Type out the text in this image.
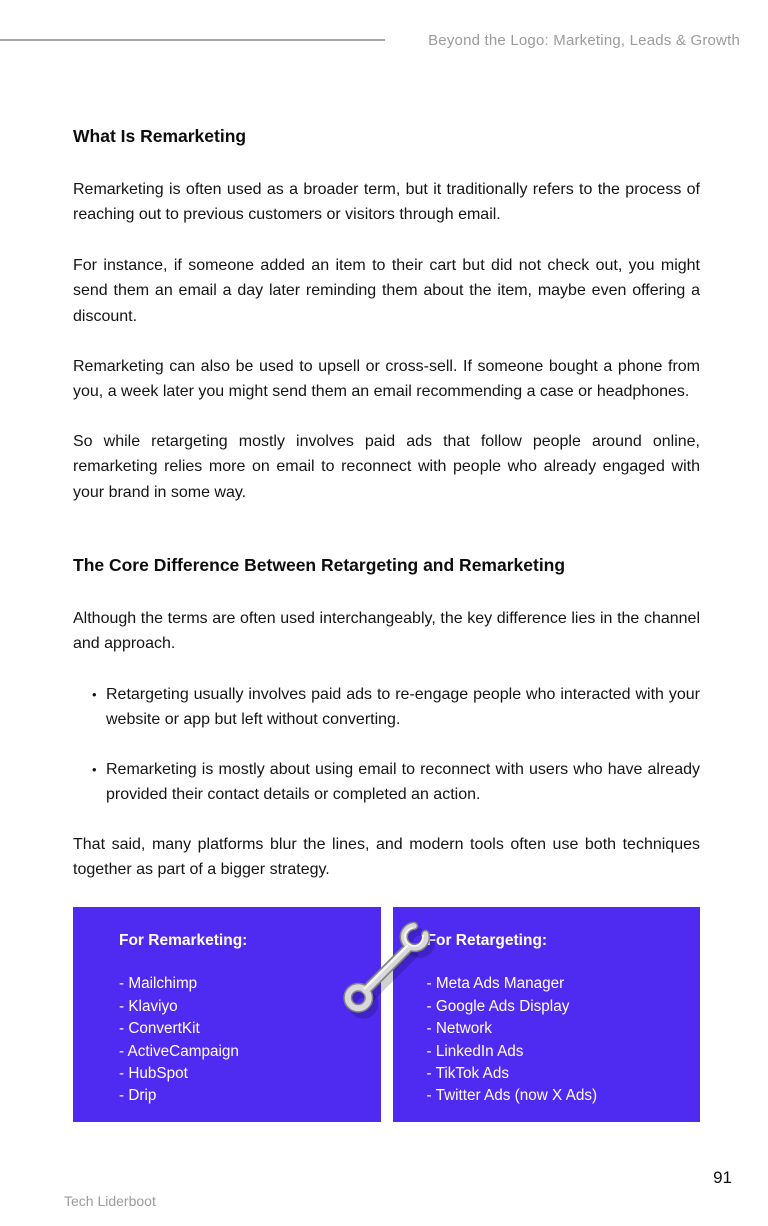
Beyond the Logo: Marketing, Leads & Growth
What Is Remarketing

Remarketing is often used as a broader term, but it traditionally refers to the process of reaching out to previous customers or visitors through email.

For instance, if someone added an item to their cart but did not check out, you might send them an email a day later reminding them about the item, maybe even offering a discount.

Remarketing can also be used to upsell or cross-sell. If someone bought a phone from you, a week later you might send them an email recommending a case or headphones.

So while retargeting mostly involves paid ads that follow people around online, remarketing relies more on email to reconnect with people who already engaged with your brand in some way.

The Core Difference Between Retargeting and Remarketing

Although the terms are often used interchangeably, the key difference lies in the channel and approach.

• Retargeting usually involves paid ads to re-engage people who interacted with your website or app but left without converting.
• Remarketing is mostly about using email to reconnect with users who have already provided their contact details or completed an action.

That said, many platforms blur the lines, and modern tools often use both techniques together as part of a bigger strategy.

For Remarketing:
- Mailchimp
- Klaviyo
- ConvertKit
- ActiveCampaign
- HubSpot
- Drip
For Retargeting:
- Meta Ads Manager
- Google Ads Display
- Network
- LinkedIn Ads
- TikTok Ads
- Twitter Ads (now X Ads)
91
Tech Liderboot
